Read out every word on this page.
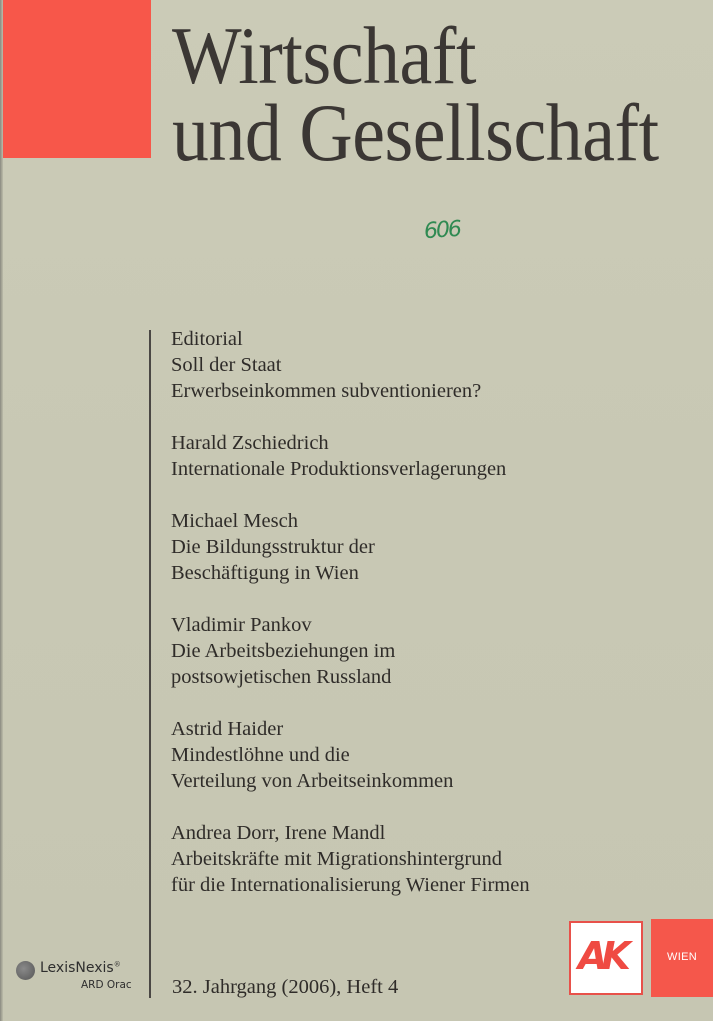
Wirtschaft
und Gesellschaft
606
Editorial
Soll der Staat
Erwerbseinkommen subventionieren?
Harald Zschiedrich
Internationale Produktionsverlagerungen
Michael Mesch
Die Bildungsstruktur der
Beschäftigung in Wien
Vladimir Pankov
Die Arbeitsbeziehungen im
postsowjetischen Russland
Astrid Haider
Mindestlöhne und die
Verteilung von Arbeitseinkommen
Andrea Dorr, Irene Mandl
Arbeitskräfte mit Migrationshintergrund
für die Internationalisierung Wiener Firmen
32. Jahrgang (2006), Heft 4
LexisNexis®
ARD Orac
AK	WIEN
